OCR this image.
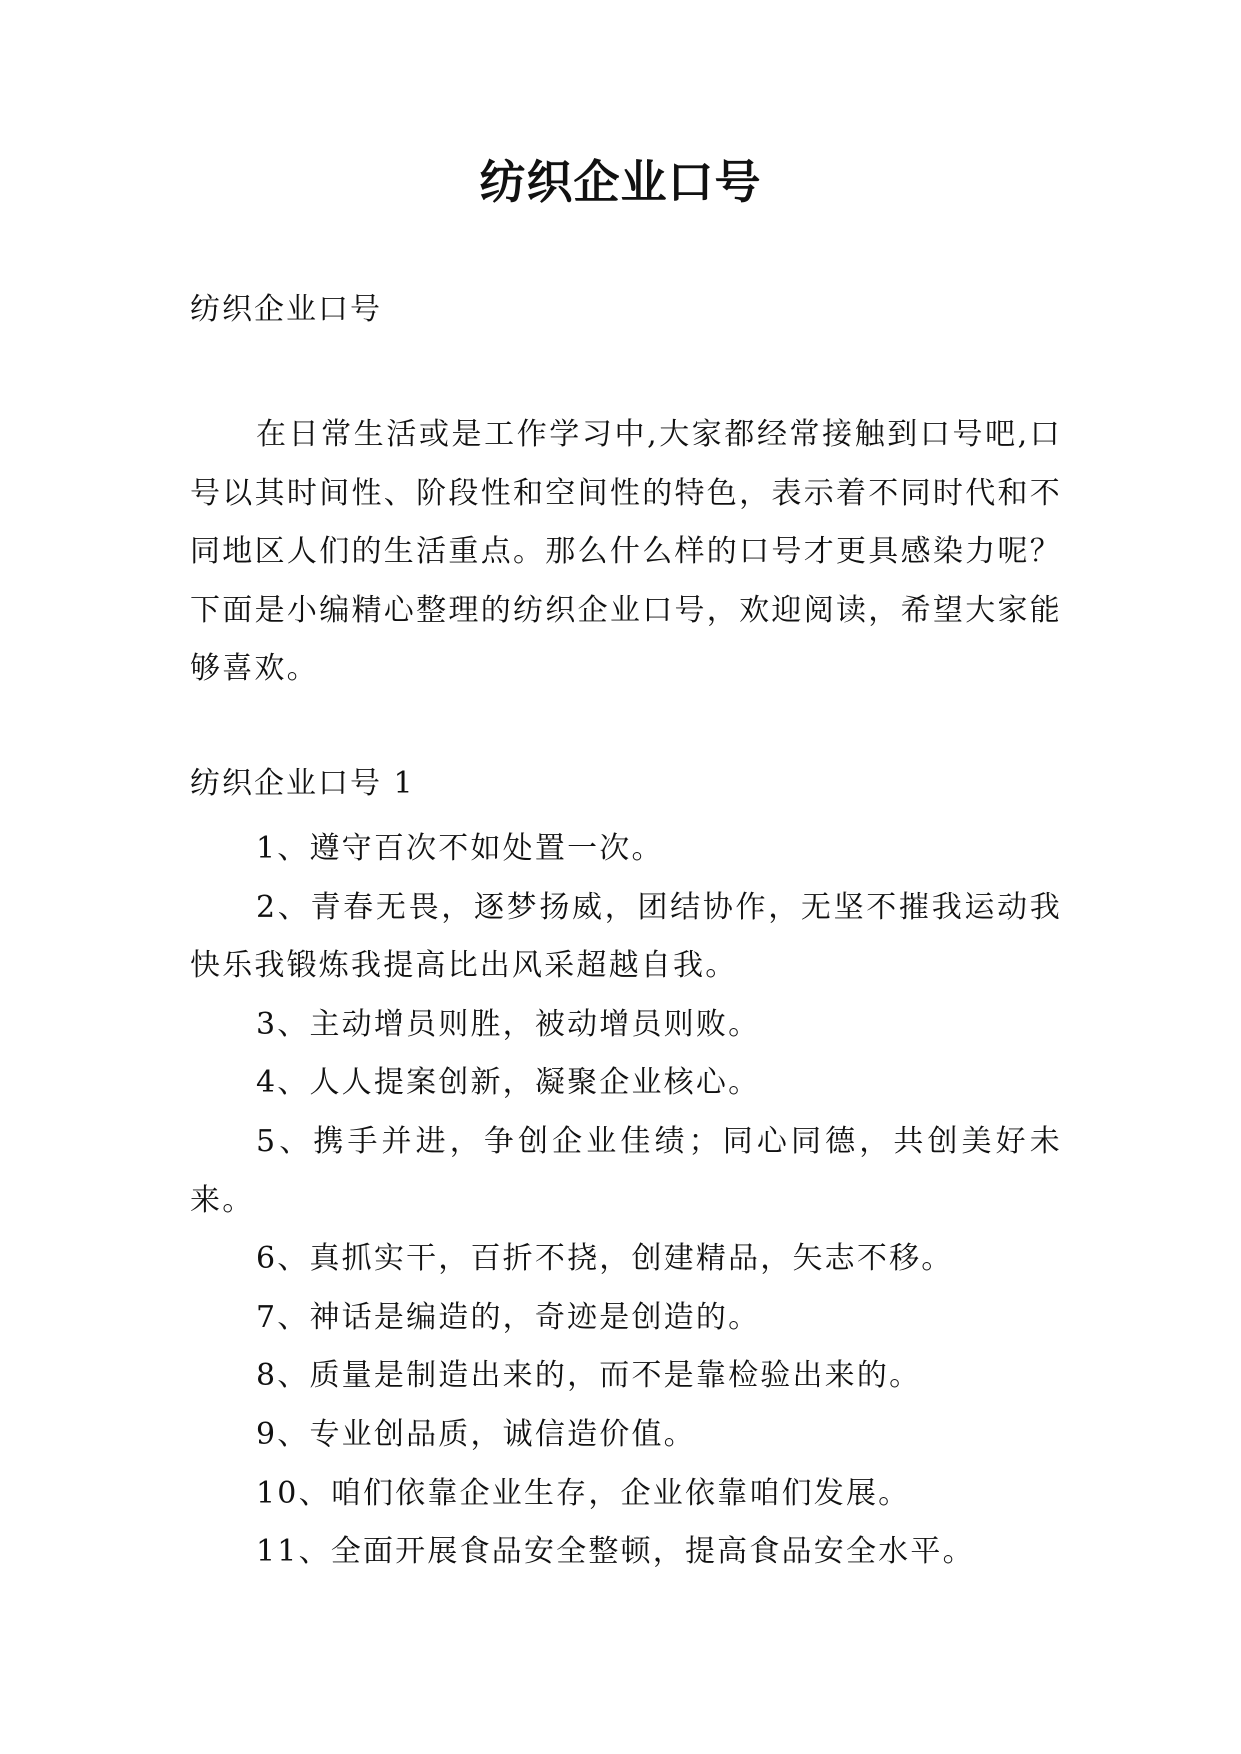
纺织企业口号

纺织企业口号

在日常生活或是工作学习中,大家都经常接触到口号吧,口号以其时间性、阶段性和空间性的特色，表示着不同时代和不同地区人们的生活重点。那么什么样的口号才更具感染力呢？下面是小编精心整理的纺织企业口号，欢迎阅读，希望大家能够喜欢。

纺织企业口号 1

1、遵守百次不如处置一次。
2、青春无畏，逐梦扬威，团结协作，无坚不摧我运动我快乐我锻炼我提高比出风采超越自我。
3、主动增员则胜，被动增员则败。
4、人人提案创新，凝聚企业核心。
5、携手并进，争创企业佳绩；同心同德，共创美好未来。
6、真抓实干，百折不挠，创建精品，矢志不移。
7、神话是编造的，奇迹是创造的。
8、质量是制造出来的，而不是靠检验出来的。
9、专业创品质，诚信造价值。
10、咱们依靠企业生存，企业依靠咱们发展。
11、全面开展食品安全整顿，提高食品安全水平。
